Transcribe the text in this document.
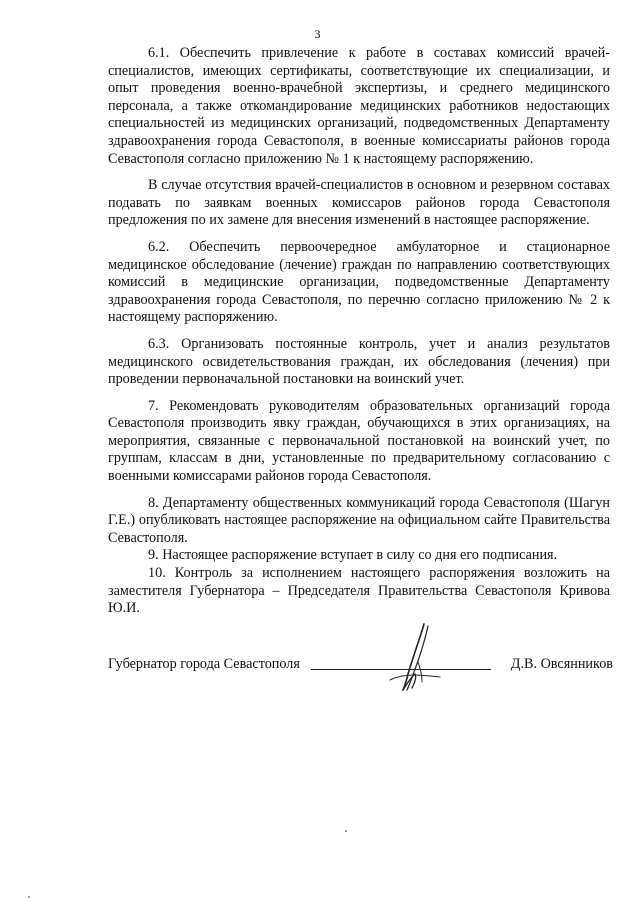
3

6.1. Обеспечить привлечение к работе в составах комиссий врачей-специалистов, имеющих сертификаты, соответствующие их специализации, и опыт проведения военно-врачебной экспертизы, и среднего медицинского персонала, а также откомандирование медицинских работников недостающих специальностей из медицинских организаций, подведомственных Департаменту здравоохранения города Севастополя, в военные комиссариаты районов города Севастополя согласно приложению № 1 к настоящему распоряжению.

В случае отсутствия врачей-специалистов в основном и резервном составах подавать по заявкам военных комиссаров районов города Севастополя предложения по их замене для внесения изменений в настоящее распоряжение.

6.2. Обеспечить первоочередное амбулаторное и стационарное медицинское обследование (лечение) граждан по направлению соответствующих комиссий в медицинские организации, подведомственные Департаменту здравоохранения города Севастополя, по перечню согласно приложению № 2 к настоящему распоряжению.

6.3. Организовать постоянные контроль, учет и анализ результатов медицинского освидетельствования граждан, их обследования (лечения) при проведении первоначальной постановки на воинский учет.

7. Рекомендовать руководителям образовательных организаций города Севастополя производить явку граждан, обучающихся в этих организациях, на мероприятия, связанные с первоначальной постановкой на воинский учет, по группам, классам в дни, установленные по предварительному согласованию с военными комиссарами районов города Севастополя.

8. Департаменту общественных коммуникаций города Севастополя (Шагун Г.Е.) опубликовать настоящее распоряжение на официальном сайте Правительства Севастополя.

9. Настоящее распоряжение вступает в силу со дня его подписания.

10. Контроль за исполнением настоящего распоряжения возложить на заместителя Губернатора – Председателя Правительства Севастополя Кривова Ю.И.

Губернатор города Севастополя	Д.В. Овсянников
